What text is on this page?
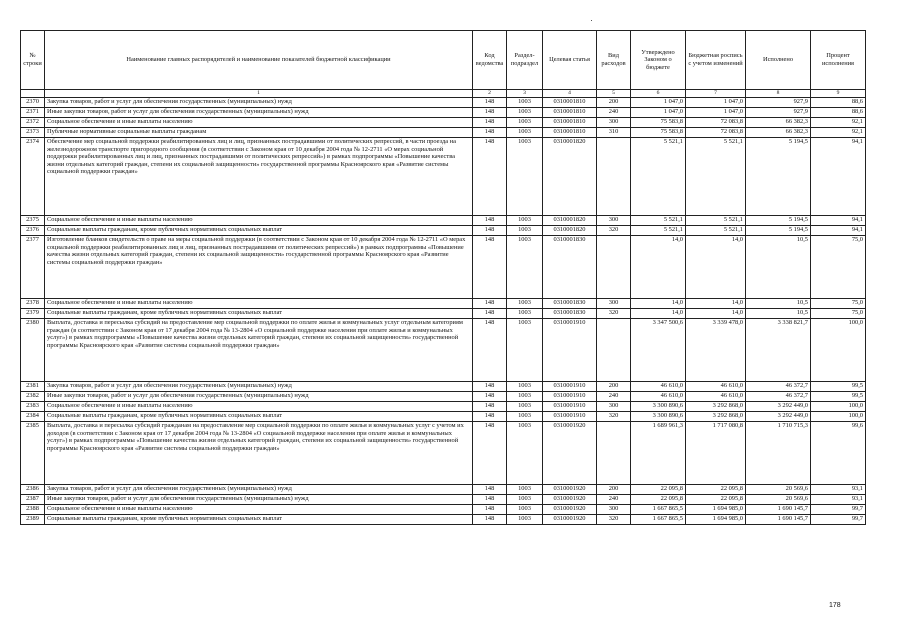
№ строки	Наименование главных распорядителей и наименование показателей бюджетной классификации	Код ведомства	Раздел-подраздел	Целевая статья	Вид расходов	Утверждено Законом о бюджете	Бюджетная роспись с учетом изменений	Исполнено	Процент исполнения
	1	2	3	4	5	6	7	8	9
2370	Закупка товаров, работ и услуг для обеспечения государственных (муниципальных) нужд	148	1003	0310001810	200	1 047,0	1 047,0	927,9	88,6
2371	Иные закупки товаров, работ и услуг для обеспечения государственных (муниципальных) нужд	148	1003	0310001810	240	1 047,0	1 047,0	927,9	88,6
2372	Социальное обеспечение и иные выплаты населению	148	1003	0310001810	300	75 583,8	72 083,8	66 382,3	92,1
2373	Публичные нормативные социальные выплаты гражданам	148	1003	0310001810	310	75 583,8	72 083,8	66 382,3	92,1
2374	Обеспечение мер социальной поддержки реабилитированных лиц и лиц, признанных пострадавшими от политических репрессий, в части проезда на железнодорожном транспорте пригородного сообщения (в соответствии с Законом края от 10 декабря 2004 года № 12-2711 «О мерах социальной поддержки реабилитированных лиц и лиц, признанных пострадавшими от политических репрессий») в рамках подпрограммы «Повышение качества жизни отдельных категорий граждан, степени их социальной защищенности» государственной программы Красноярского края «Развитие системы социальной поддержки граждан»	148	1003	0310001820		5 521,1	5 521,1	5 194,5	94,1
2375	Социальное обеспечение и иные выплаты населению	148	1003	0310001820	300	5 521,1	5 521,1	5 194,5	94,1
2376	Социальные выплаты гражданам, кроме публичных нормативных социальных выплат	148	1003	0310001820	320	5 521,1	5 521,1	5 194,5	94,1
2377	Изготовление бланков свидетельств о праве на меры социальной поддержки (в соответствии с Законом края от 10 декабря 2004 года № 12-2711 «О мерах социальной поддержки реабилитированных лиц и лиц, признанных пострадавшими от политических репрессий») в рамках подпрограммы «Повышение качества жизни отдельных категорий граждан, степени их социальной защищенности» государственной программы Красноярского края «Развитие системы социальной поддержки граждан»	148	1003	0310001830		14,0	14,0	10,5	75,0
2378	Социальное обеспечение и иные выплаты населению	148	1003	0310001830	300	14,0	14,0	10,5	75,0
2379	Социальные выплаты гражданам, кроме публичных нормативных социальных выплат	148	1003	0310001830	320	14,0	14,0	10,5	75,0
2380	Выплата, доставка и пересылка субсидий на предоставление мер социальной поддержки по оплате жилья и коммунальных услуг отдельным категориям граждан (в соответствии с Законом края от 17 декабря 2004 года № 13-2804 «О социальной поддержке населения при оплате жилья и коммунальных услуг») в рамках подпрограммы «Повышение качества жизни отдельных категорий граждан, степени их социальной защищенности» государственной программы Красноярского края «Развитие системы социальной поддержки граждан»	148	1003	0310001910		3 347 500,6	3 339 478,0	3 338 821,7	100,0
2381	Закупка товаров, работ и услуг для обеспечения государственных (муниципальных) нужд	148	1003	0310001910	200	46 610,0	46 610,0	46 372,7	99,5
2382	Иные закупки товаров, работ и услуг для обеспечения государственных (муниципальных) нужд	148	1003	0310001910	240	46 610,0	46 610,0	46 372,7	99,5
2383	Социальное обеспечение и иные выплаты населению	148	1003	0310001910	300	3 300 890,6	3 292 868,0	3 292 449,0	100,0
2384	Социальные выплаты гражданам, кроме публичных нормативных социальных выплат	148	1003	0310001910	320	3 300 890,6	3 292 868,0	3 292 449,0	100,0
2385	Выплата, доставка и пересылка субсидий гражданам на предоставление мер социальной поддержки по оплате жилья и коммунальных услуг с учетом их доходов (в соответствии с Законом края от 17 декабря 2004 года № 13-2804 «О социальной поддержке населения при оплате жилья и коммунальных услуг») в рамках подпрограммы «Повышение качества жизни отдельных категорий граждан, степени их социальной защищенности» государственной программы Красноярского края «Развитие системы социальной поддержки граждан»	148	1003	0310001920		1 689 961,3	1 717 080,8	1 710 715,3	99,6
2386	Закупка товаров, работ и услуг для обеспечения государственных (муниципальных) нужд	148	1003	0310001920	200	22 095,8	22 095,8	20 569,6	93,1
2387	Иные закупки товаров, работ и услуг для обеспечения государственных (муниципальных) нужд	148	1003	0310001920	240	22 095,8	22 095,8	20 569,6	93,1
2388	Социальное обеспечение и иные выплаты населению	148	1003	0310001920	300	1 667 865,5	1 694 985,0	1 690 145,7	99,7
2389	Социальные выплаты гражданам, кроме публичных нормативных социальных выплат	148	1003	0310001920	320	1 667 865,5	1 694 985,0	1 690 145,7	99,7
178
